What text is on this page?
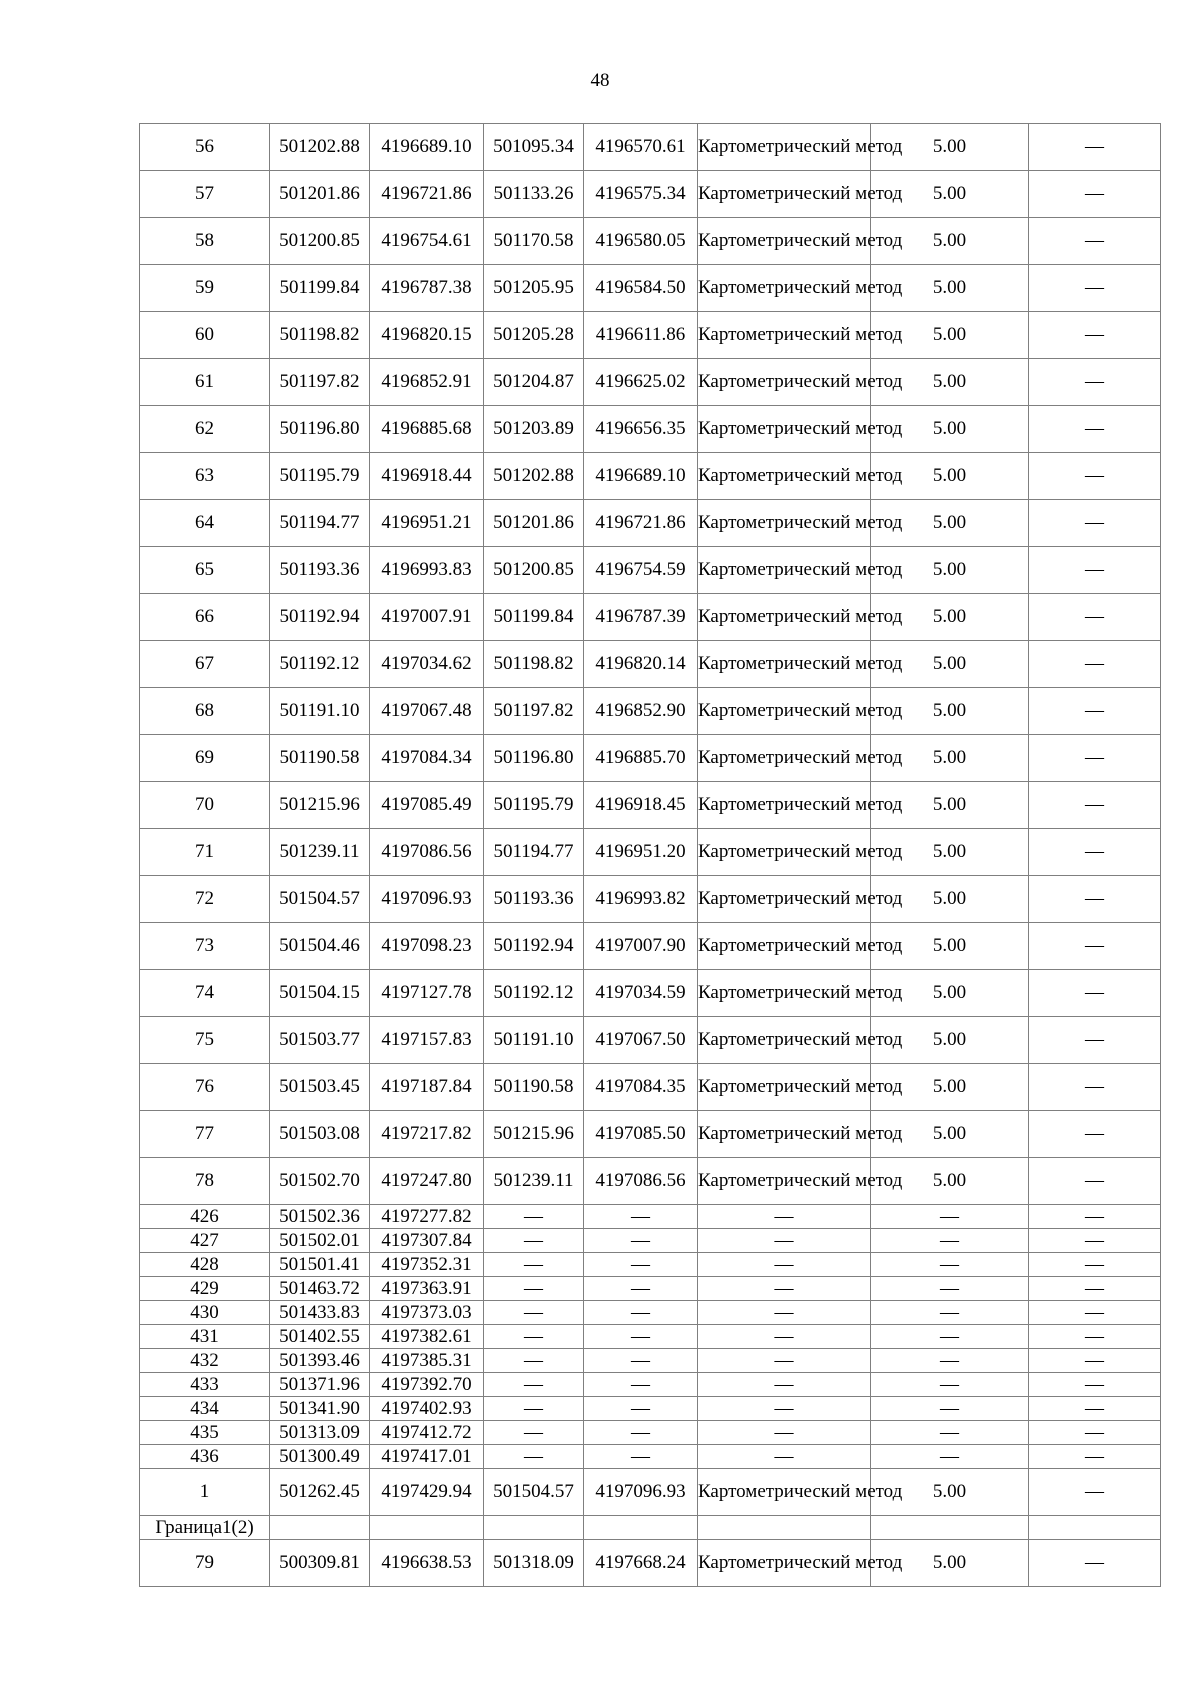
48
56	501202.88	4196689.10	501095.34	4196570.61	Картометрический метод	5.00	—
57	501201.86	4196721.86	501133.26	4196575.34	Картометрический метод	5.00	—
58	501200.85	4196754.61	501170.58	4196580.05	Картометрический метод	5.00	—
59	501199.84	4196787.38	501205.95	4196584.50	Картометрический метод	5.00	—
60	501198.82	4196820.15	501205.28	4196611.86	Картометрический метод	5.00	—
61	501197.82	4196852.91	501204.87	4196625.02	Картометрический метод	5.00	—
62	501196.80	4196885.68	501203.89	4196656.35	Картометрический метод	5.00	—
63	501195.79	4196918.44	501202.88	4196689.10	Картометрический метод	5.00	—
64	501194.77	4196951.21	501201.86	4196721.86	Картометрический метод	5.00	—
65	501193.36	4196993.83	501200.85	4196754.59	Картометрический метод	5.00	—
66	501192.94	4197007.91	501199.84	4196787.39	Картометрический метод	5.00	—
67	501192.12	4197034.62	501198.82	4196820.14	Картометрический метод	5.00	—
68	501191.10	4197067.48	501197.82	4196852.90	Картометрический метод	5.00	—
69	501190.58	4197084.34	501196.80	4196885.70	Картометрический метод	5.00	—
70	501215.96	4197085.49	501195.79	4196918.45	Картометрический метод	5.00	—
71	501239.11	4197086.56	501194.77	4196951.20	Картометрический метод	5.00	—
72	501504.57	4197096.93	501193.36	4196993.82	Картометрический метод	5.00	—
73	501504.46	4197098.23	501192.94	4197007.90	Картометрический метод	5.00	—
74	501504.15	4197127.78	501192.12	4197034.59	Картометрический метод	5.00	—
75	501503.77	4197157.83	501191.10	4197067.50	Картометрический метод	5.00	—
76	501503.45	4197187.84	501190.58	4197084.35	Картометрический метод	5.00	—
77	501503.08	4197217.82	501215.96	4197085.50	Картометрический метод	5.00	—
78	501502.70	4197247.80	501239.11	4197086.56	Картометрический метод	5.00	—
426	501502.36	4197277.82	—	—	—	—	—
427	501502.01	4197307.84	—	—	—	—	—
428	501501.41	4197352.31	—	—	—	—	—
429	501463.72	4197363.91	—	—	—	—	—
430	501433.83	4197373.03	—	—	—	—	—
431	501402.55	4197382.61	—	—	—	—	—
432	501393.46	4197385.31	—	—	—	—	—
433	501371.96	4197392.70	—	—	—	—	—
434	501341.90	4197402.93	—	—	—	—	—
435	501313.09	4197412.72	—	—	—	—	—
436	501300.49	4197417.01	—	—	—	—	—
1	501262.45	4197429.94	501504.57	4197096.93	Картометрический метод	5.00	—
Граница1(2)							
79	500309.81	4196638.53	501318.09	4197668.24	Картометрический метод	5.00	—
